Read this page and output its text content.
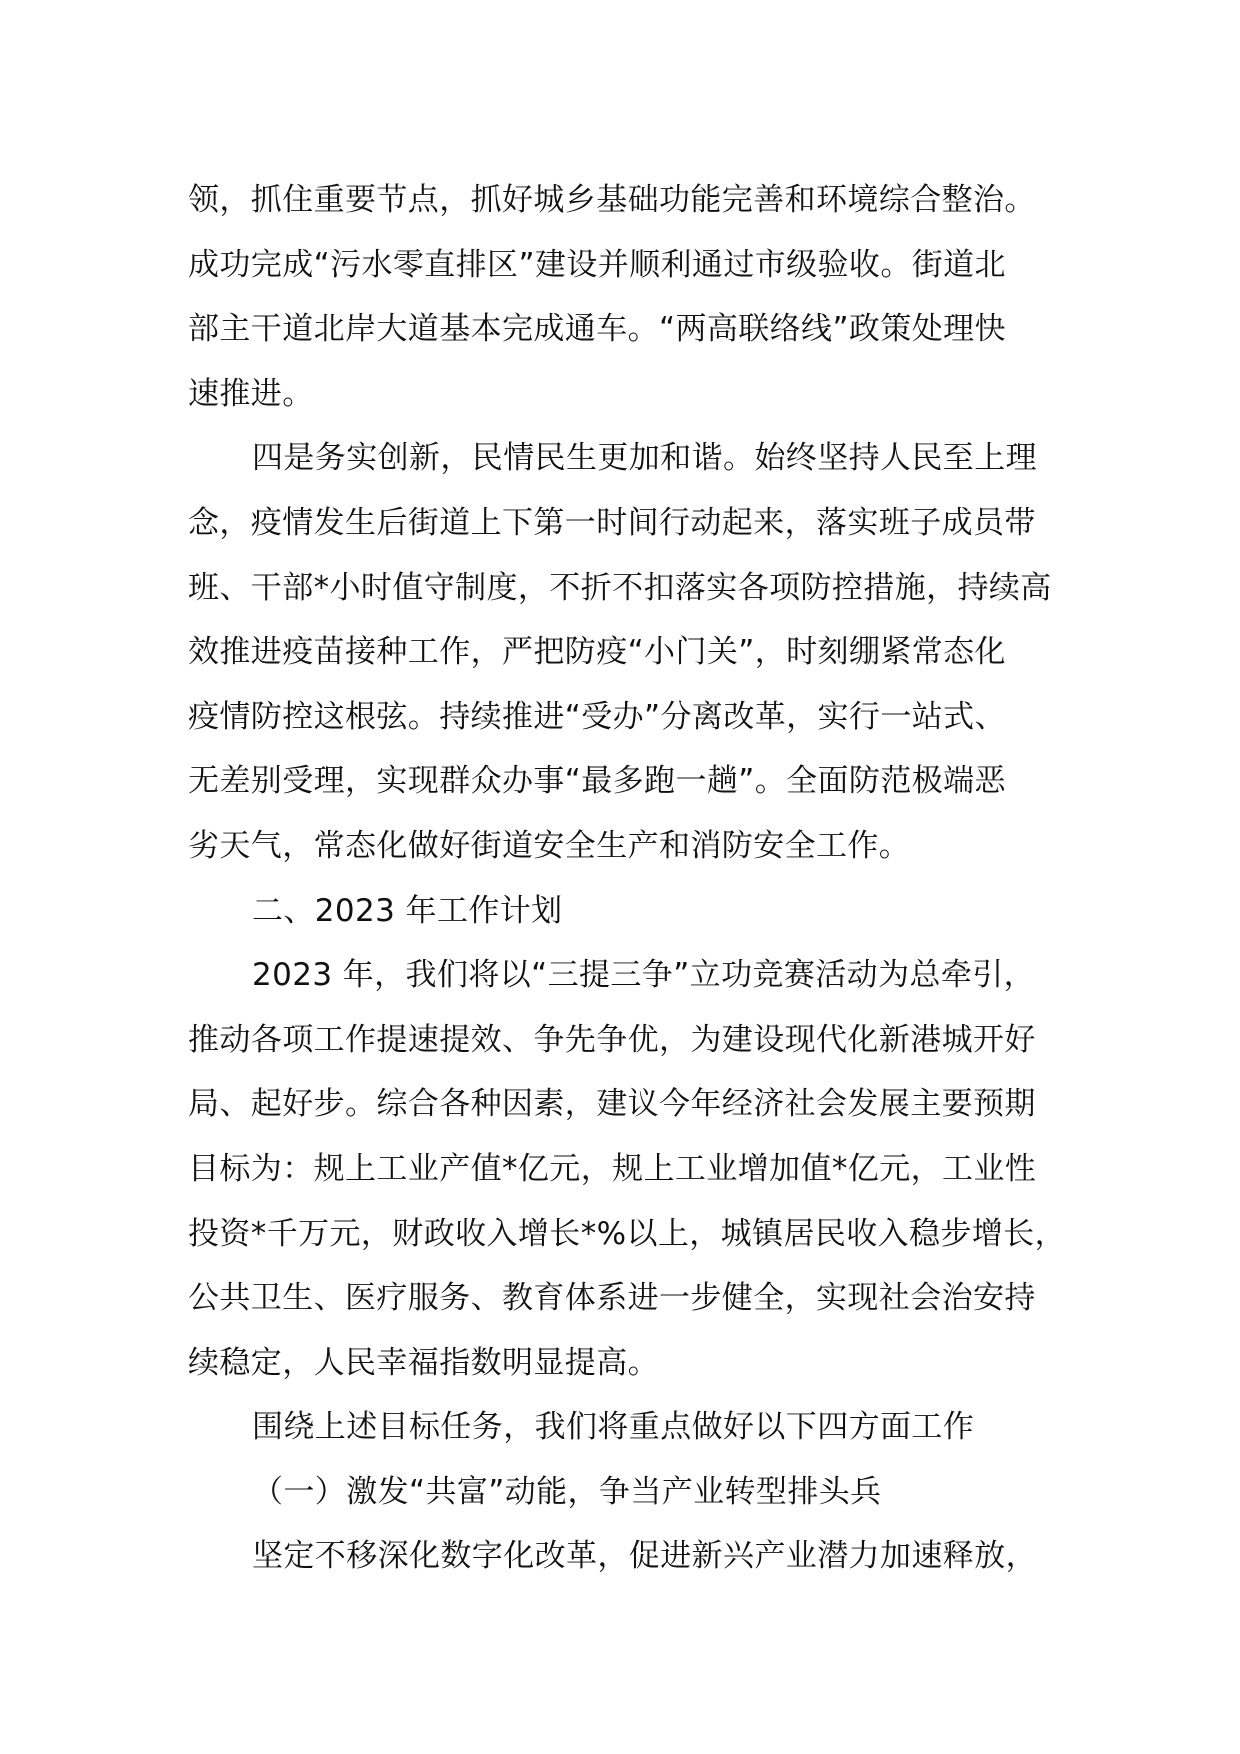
领，抓住重要节点，抓好城乡基础功能完善和环境综合整治。
成功完成“污水零直排区”建设并顺利通过市级验收。街道北
部主干道北岸大道基本完成通车。“两高联络线”政策处理快
速推进。
四是务实创新，民情民生更加和谐。始终坚持人民至上理
念，疫情发生后街道上下第一时间行动起来，落实班子成员带
班、干部*小时值守制度，不折不扣落实各项防控措施，持续高
效推进疫苗接种工作，严把防疫“小门关”，时刻绷紧常态化
疫情防控这根弦。持续推进“受办”分离改革，实行一站式、
无差别受理，实现群众办事“最多跑一趟”。全面防范极端恶
劣天气，常态化做好街道安全生产和消防安全工作。
二、2023 年工作计划
2023 年，我们将以“三提三争”立功竞赛活动为总牵引，
推动各项工作提速提效、争先争优，为建设现代化新港城开好
局、起好步。综合各种因素，建议今年经济社会发展主要预期
目标为：规上工业产值*亿元，规上工业增加值*亿元，工业性
投资*千万元，财政收入增长*%以上，城镇居民收入稳步增长，
公共卫生、医疗服务、教育体系进一步健全，实现社会治安持
续稳定，人民幸福指数明显提高。
围绕上述目标任务，我们将重点做好以下四方面工作
（一）激发“共富”动能，争当产业转型排头兵
坚定不移深化数字化改革，促进新兴产业潜力加速释放，
